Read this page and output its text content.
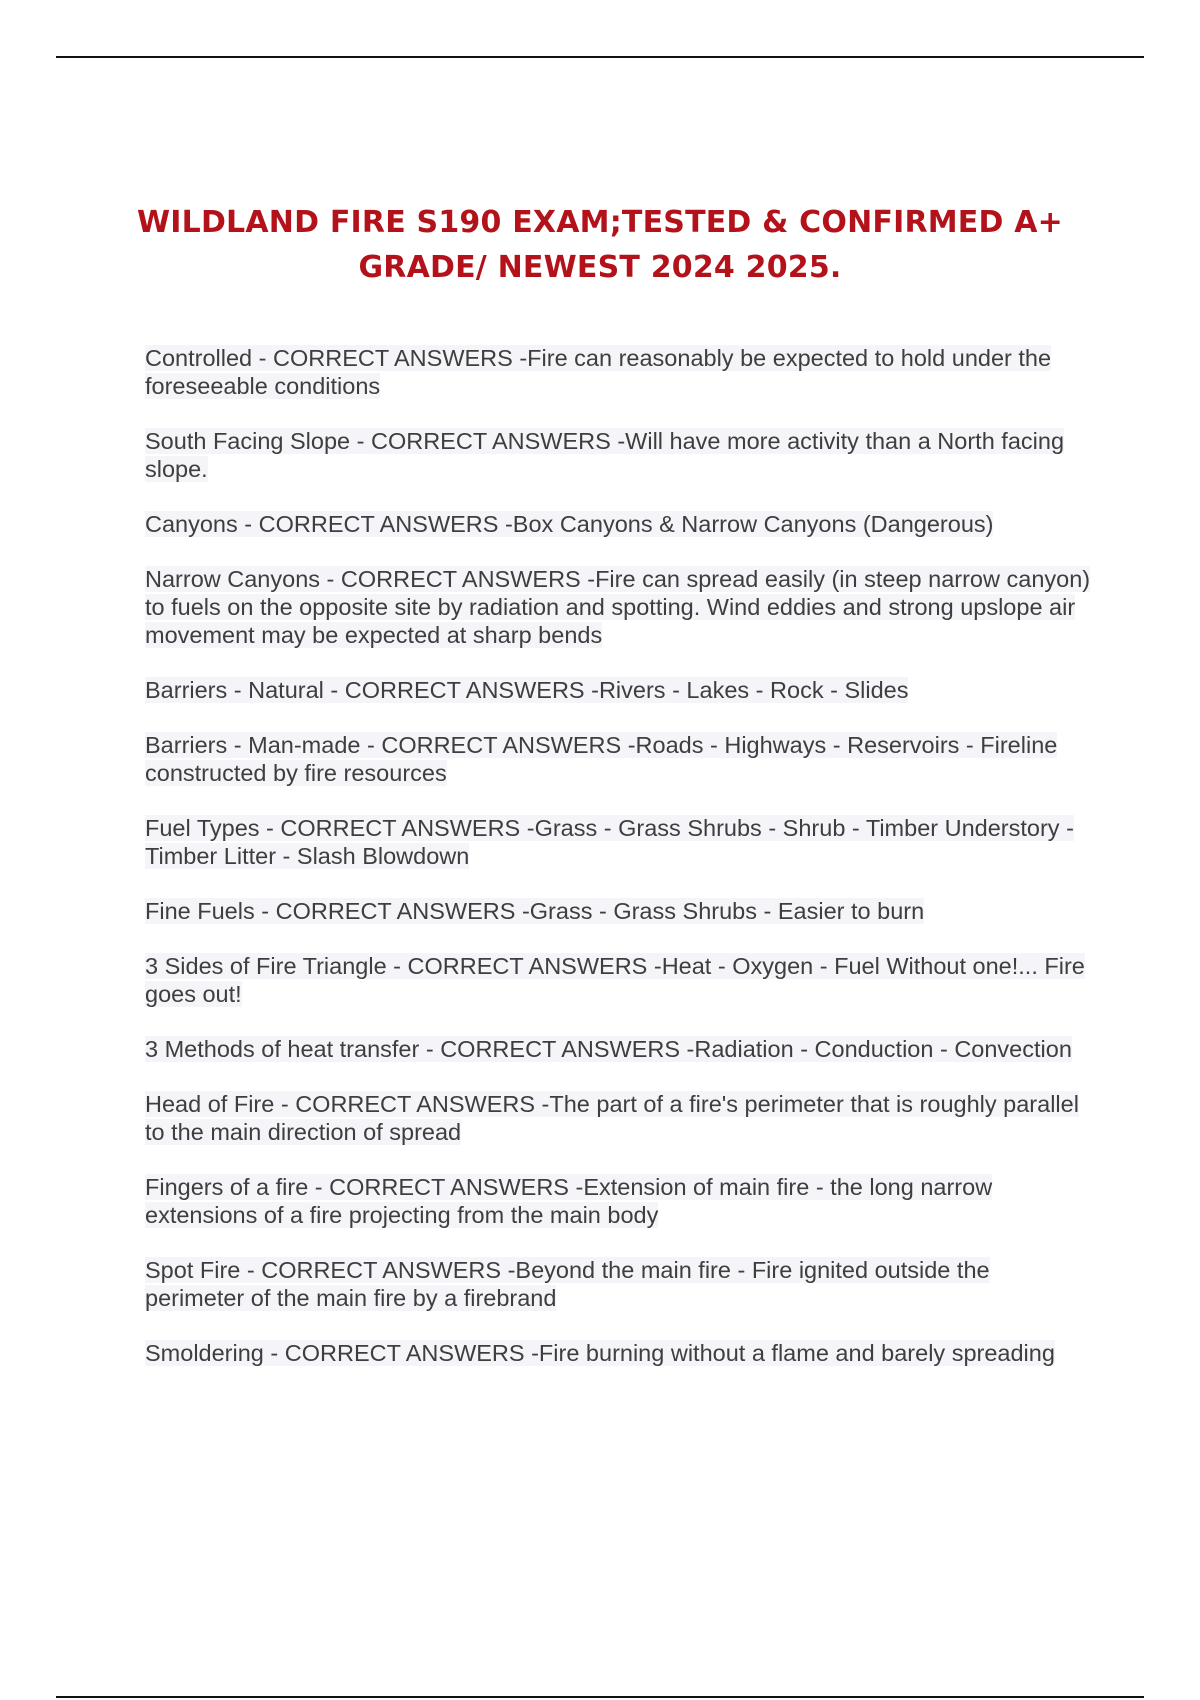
WILDLAND FIRE S190 EXAM;TESTED & CONFIRMED A+
GRADE/ NEWEST 2024 2025.
Controlled - CORRECT ANSWERS -Fire can reasonably be expected to hold under the foreseeable conditions
South Facing Slope - CORRECT ANSWERS -Will have more activity than a North facing slope.
Canyons - CORRECT ANSWERS -Box Canyons & Narrow Canyons (Dangerous)
Narrow Canyons - CORRECT ANSWERS -Fire can spread easily (in steep narrow canyon) to fuels on the opposite site by radiation and spotting. Wind eddies and strong upslope air movement may be expected at sharp bends
Barriers - Natural - CORRECT ANSWERS -Rivers - Lakes - Rock - Slides
Barriers - Man-made - CORRECT ANSWERS -Roads - Highways - Reservoirs - Fireline constructed by fire resources
Fuel Types - CORRECT ANSWERS -Grass - Grass Shrubs - Shrub - Timber Understory - Timber Litter - Slash Blowdown
Fine Fuels - CORRECT ANSWERS -Grass - Grass Shrubs - Easier to burn
3 Sides of Fire Triangle - CORRECT ANSWERS -Heat - Oxygen - Fuel Without one!... Fire goes out!
3 Methods of heat transfer - CORRECT ANSWERS -Radiation - Conduction - Convection
Head of Fire - CORRECT ANSWERS -The part of a fire's perimeter that is roughly parallel to the main direction of spread
Fingers of a fire - CORRECT ANSWERS -Extension of main fire - the long narrow extensions of a fire projecting from the main body
Spot Fire - CORRECT ANSWERS -Beyond the main fire - Fire ignited outside the perimeter of the main fire by a firebrand
Smoldering - CORRECT ANSWERS -Fire burning without a flame and barely spreading
